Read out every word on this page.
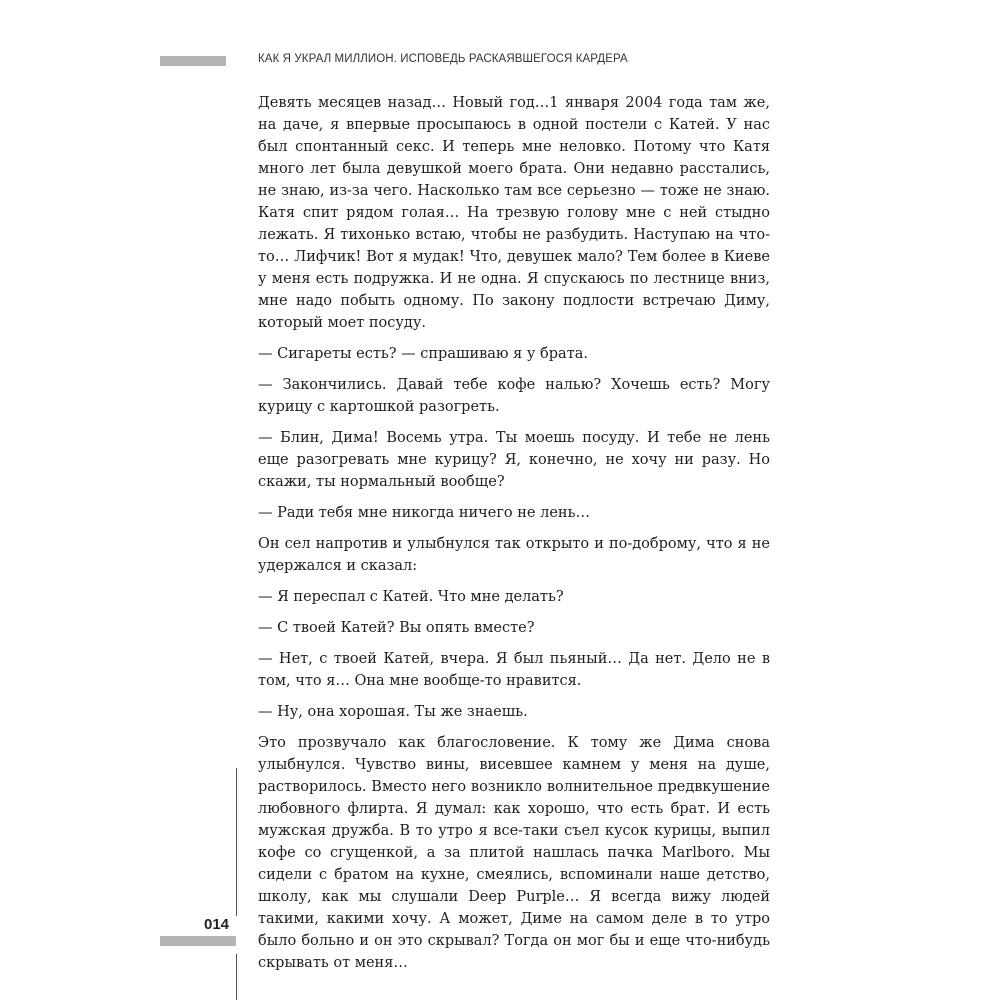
КАК Я УКРАЛ МИЛЛИОН. ИСПОВЕДЬ РАСКАЯВШЕГОСЯ КАРДЕРА

Девять месяцев назад… Новый год…1 января 2004 года там же, на даче, я впервые просыпаюсь в одной постели с Катей. У нас был спонтанный секс. И теперь мне неловко. Потому что Катя много лет была девушкой моего брата. Они недавно расстались, не знаю, из-за чего. Насколько там все серьезно — тоже не знаю. Катя спит рядом голая… На трезвую голову мне с ней стыдно лежать. Я тихонько встаю, чтобы не разбудить. Наступаю на что-то… Лифчик! Вот я мудак! Что, девушек мало? Тем более в Киеве у меня есть подружка. И не одна. Я спускаюсь по лестнице вниз, мне надо побыть одному. По закону подлости встречаю Диму, который моет посуду.

— Сигареты есть? — спрашиваю я у брата.

— Закончились. Давай тебе кофе налью? Хочешь есть? Могу курицу с картошкой разогреть.

— Блин, Дима! Восемь утра. Ты моешь посуду. И тебе не лень еще разогревать мне курицу? Я, конечно, не хочу ни разу. Но скажи, ты нормальный вообще?

— Ради тебя мне никогда ничего не лень…

Он сел напротив и улыбнулся так открыто и по-доброму, что я не удержался и сказал:

— Я переспал с Катей. Что мне делать?

— С твоей Катей? Вы опять вместе?

— Нет, с твоей Катей, вчера. Я был пьяный… Да нет. Дело не в том, что я… Она мне вообще-то нравится.

— Ну, она хорошая. Ты же знаешь.

Это прозвучало как благословение. К тому же Дима снова улыбнулся. Чувство вины, висевшее камнем у меня на душе, растворилось. Вместо него возникло волнительное предвкушение любовного флирта. Я думал: как хорошо, что есть брат. И есть мужская дружба. В то утро я все-таки съел кусок курицы, выпил кофе со сгущенкой, а за плитой нашлась пачка Marlboro. Мы сидели с братом на кухне, смеялись, вспоминали наше детство, школу, как мы слушали Deep Purple… Я всегда вижу людей такими, какими хочу. А может, Диме на самом деле в то утро было больно и он это скрывал? Тогда он мог бы и еще что-нибудь скрывать от меня…

014
